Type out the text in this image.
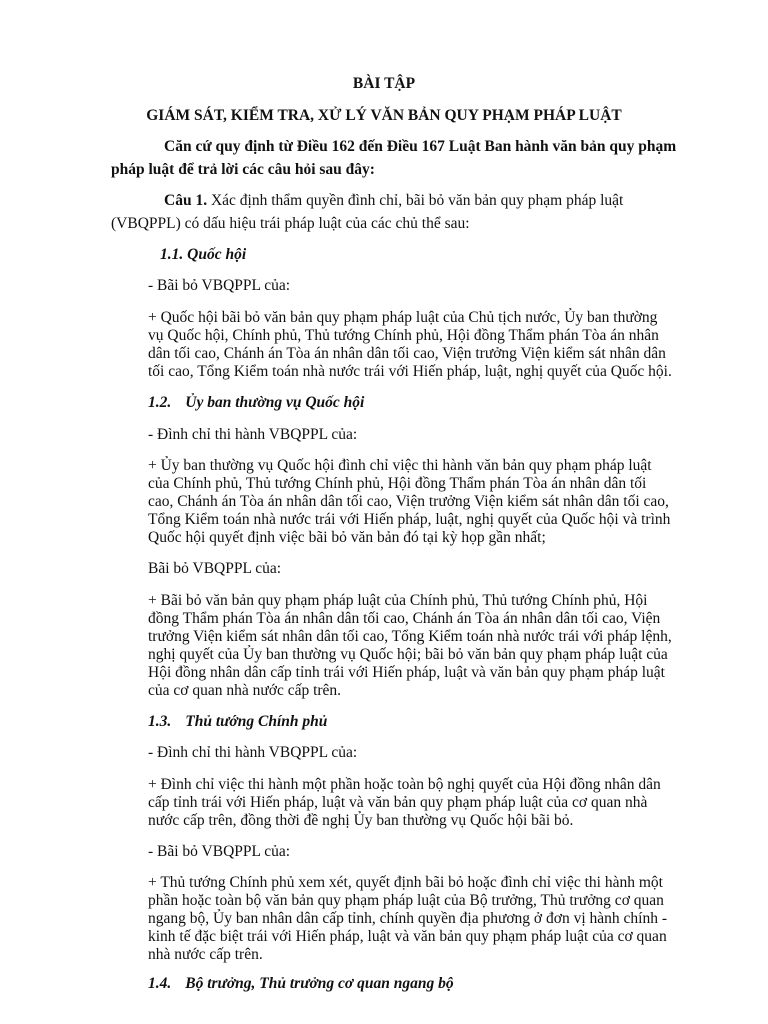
BÀI TẬP

GIÁM SÁT, KIỂM TRA, XỬ LÝ VĂN BẢN QUY PHẠM PHÁP LUẬT

Căn cứ quy định từ Điều 162 đến Điều 167 Luật Ban hành văn bản quy phạm

pháp luật để trả lời các câu hỏi sau đây:

Câu 1. Xác định thẩm quyền đình chỉ, bãi bỏ văn bản quy phạm pháp luật

(VBQPPL) có dấu hiệu trái pháp luật của các chủ thể sau:

1.1. Quốc hội

- Bãi bỏ VBQPPL của:

+ Quốc hội bãi bỏ văn bản quy phạm pháp luật của Chủ tịch nước, Ủy ban thường

vụ Quốc hội, Chính phủ, Thủ tướng Chính phủ, Hội đồng Thẩm phán Tòa án nhân

dân tối cao, Chánh án Tòa án nhân dân tối cao, Viện trưởng Viện kiểm sát nhân dân

tối cao, Tổng Kiểm toán nhà nước trái với Hiến pháp, luật, nghị quyết của Quốc hội.

1.2. Ủy ban thường vụ Quốc hội

- Đình chỉ thi hành VBQPPL của:

+ Ủy ban thường vụ Quốc hội đình chỉ việc thi hành văn bản quy phạm pháp luật

của Chính phủ, Thủ tướng Chính phủ, Hội đồng Thẩm phán Tòa án nhân dân tối

cao, Chánh án Tòa án nhân dân tối cao, Viện trưởng Viện kiểm sát nhân dân tối cao,

Tổng Kiểm toán nhà nước trái với Hiến pháp, luật, nghị quyết của Quốc hội và trình

Quốc hội quyết định việc bãi bỏ văn bản đó tại kỳ họp gần nhất;

Bãi bỏ VBQPPL của:

+ Bãi bỏ văn bản quy phạm pháp luật của Chính phủ, Thủ tướng Chính phủ, Hội

đồng Thẩm phán Tòa án nhân dân tối cao, Chánh án Tòa án nhân dân tối cao, Viện

trưởng Viện kiểm sát nhân dân tối cao, Tổng Kiểm toán nhà nước trái với pháp lệnh,

nghị quyết của Ủy ban thường vụ Quốc hội; bãi bỏ văn bản quy phạm pháp luật của

Hội đồng nhân dân cấp tỉnh trái với Hiến pháp, luật và văn bản quy phạm pháp luật

của cơ quan nhà nước cấp trên.

1.3. Thủ tướng Chính phủ

- Đình chỉ thi hành VBQPPL của:

+ Đình chỉ việc thi hành một phần hoặc toàn bộ nghị quyết của Hội đồng nhân dân

cấp tỉnh trái với Hiến pháp, luật và văn bản quy phạm pháp luật của cơ quan nhà

nước cấp trên, đồng thời đề nghị Ủy ban thường vụ Quốc hội bãi bỏ.

- Bãi bỏ VBQPPL của:

+ Thủ tướng Chính phủ xem xét, quyết định bãi bỏ hoặc đình chỉ việc thi hành một

phần hoặc toàn bộ văn bản quy phạm pháp luật của Bộ trưởng, Thủ trưởng cơ quan

ngang bộ, Ủy ban nhân dân cấp tỉnh, chính quyền địa phương ở đơn vị hành chính -

kinh tế đặc biệt trái với Hiến pháp, luật và văn bản quy phạm pháp luật của cơ quan

nhà nước cấp trên.

1.4. Bộ trưởng, Thủ trưởng cơ quan ngang bộ
